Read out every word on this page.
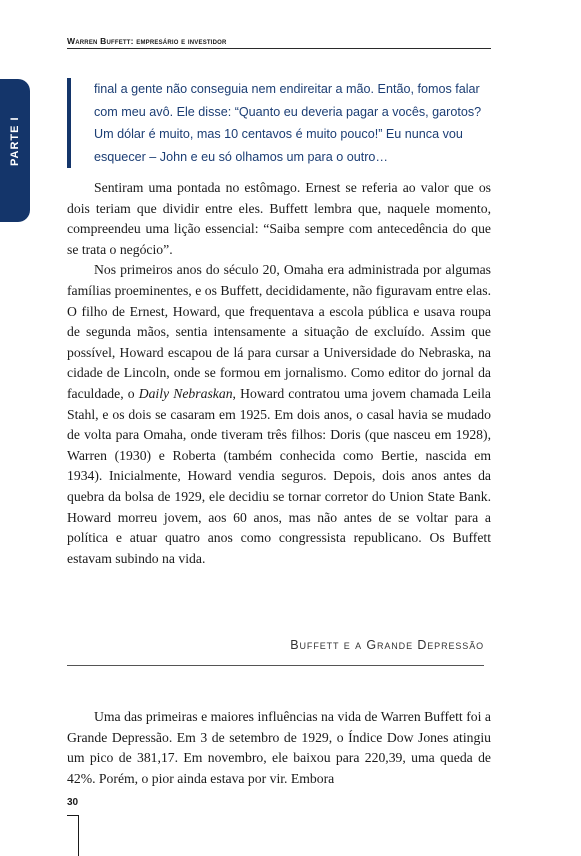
Warren Buffett: empresário e investidor
PARTE I

final a gente não conseguia nem endireitar a mão. Então, fomos falar com meu avô. Ele disse: “Quanto eu deveria pagar a vocês, garotos? Um dólar é muito, mas 10 centavos é muito pouco!” Eu nunca vou esquecer – John e eu só olhamos um para o outro…

Sentiram uma pontada no estômago. Ernest se referia ao valor que os dois teriam que dividir entre eles. Buffett lembra que, naquele momento, compreendeu uma lição essencial: “Saiba sempre com antecedência do que se trata o negócio”.

Nos primeiros anos do século 20, Omaha era administrada por algumas famílias proeminentes, e os Buffett, decididamente, não figuravam entre elas. O filho de Ernest, Howard, que frequentava a escola pública e usava roupa de segunda mãos, sentia intensamente a situação de excluído. Assim que possível, Howard escapou de lá para cursar a Universidade do Nebraska, na cidade de Lincoln, onde se formou em jornalismo. Como editor do jornal da faculdade, o Daily Nebraskan, Howard contratou uma jovem chamada Leila Stahl, e os dois se casaram em 1925. Em dois anos, o casal havia se mudado de volta para Omaha, onde tiveram três filhos: Doris (que nasceu em 1928), Warren (1930) e Roberta (também conhecida como Bertie, nascida em 1934). Inicialmente, Howard vendia seguros. Depois, dois anos antes da quebra da bolsa de 1929, ele decidiu se tornar corretor do Union State Bank. Howard morreu jovem, aos 60 anos, mas não antes de se voltar para a política e atuar quatro anos como congressista republicano. Os Buffett estavam subindo na vida.

Buffett e a Grande Depressão

Uma das primeiras e maiores influências na vida de Warren Buffett foi a Grande Depressão. Em 3 de setembro de 1929, o Índice Dow Jones atingiu um pico de 381,17. Em novembro, ele baixou para 220,39, uma queda de 42%. Porém, o pior ainda estava por vir. Embora

30
